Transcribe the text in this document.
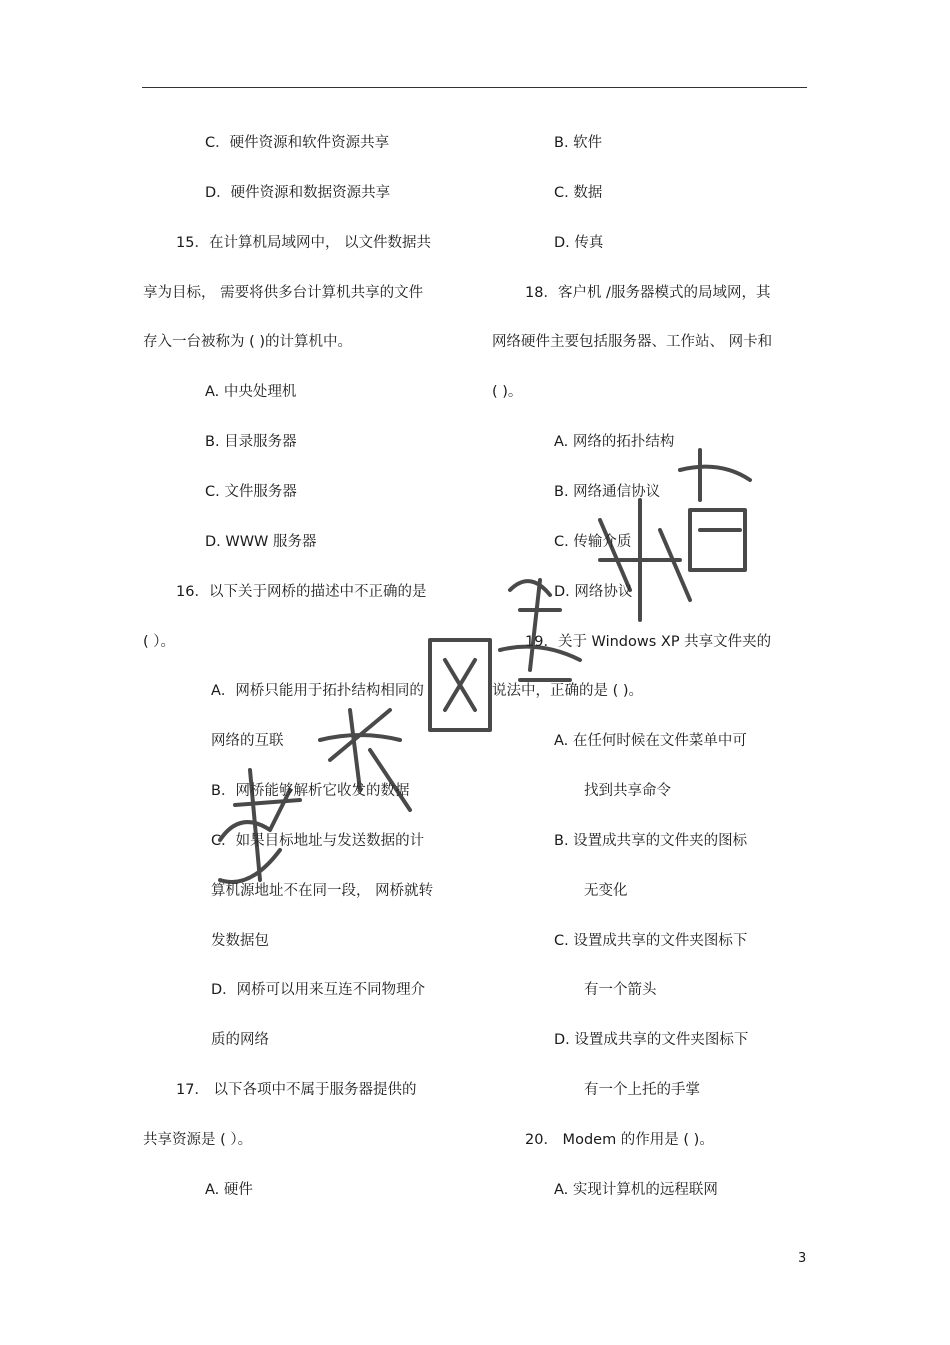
C．硬件资源和软件资源共享
D．硬件资源和数据资源共享
15．在计算机局域网中， 以文件数据共
享为目标， 需要将供多台计算机共享的文件
存入一台被称为 ( )的计算机中。
A. 中央处理机
B. 目录服务器
C. 文件服务器
D. WWW 服务器
16．以下关于网桥的描述中不正确的是
( ）。
A．网桥只能用于拓扑结构相同的
网络的互联
B．网桥能够解析它收发的数据
C．如果目标地址与发送数据的计
算机源地址不在同一段， 网桥就转
发数据包
D．网桥可以用来互连不同物理介
质的网络
17． 以下各项中不属于服务器提供的
共享资源是 ( ）。
A. 硬件
B. 软件
C. 数据
D. 传真
18．客户机 /服务器模式的局域网，其
网络硬件主要包括服务器、工作站、 网卡和
( )。
A. 网络的拓扑结构
B. 网络通信协议
C. 传输介质
D. 网络协议
19．关于 Windows XP 共享文件夹的
说法中，正确的是 ( )。
A. 在任何时候在文件菜单中可
找到共享命令
B. 设置成共享的文件夹的图标
无变化
C. 设置成共享的文件夹图标下
有一个箭头
D. 设置成共享的文件夹图标下
有一个上托的手掌
20． Modem 的作用是 ( )。
A. 实现计算机的远程联网
3
